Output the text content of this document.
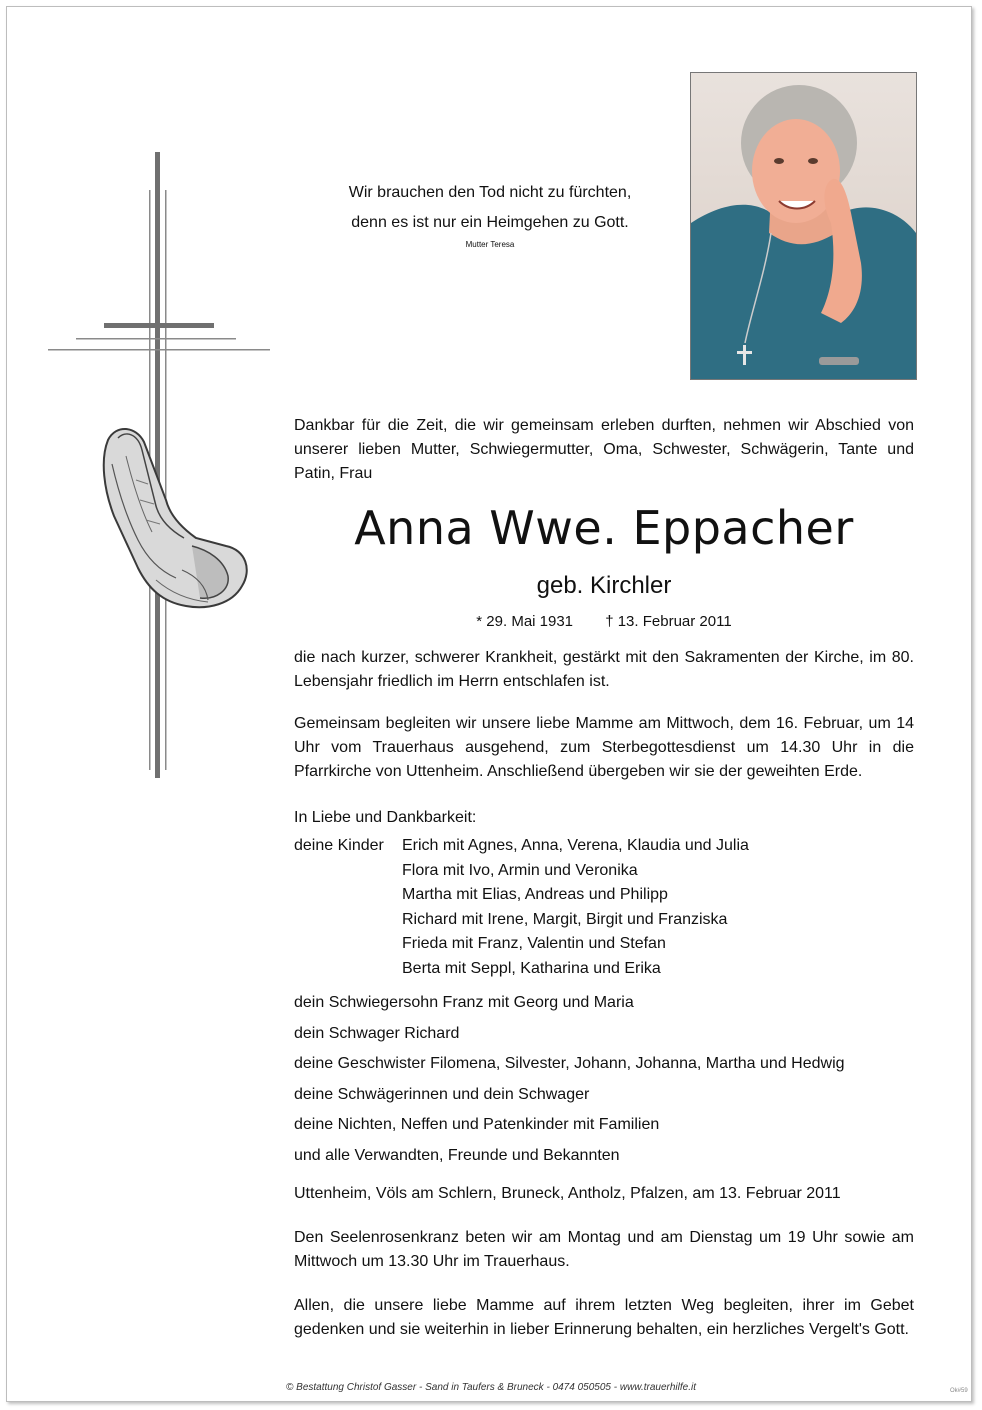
Wir brauchen den Tod nicht zu fürchten,
denn es ist nur ein Heimgehen zu Gott.
Mutter Teresa
Dankbar für die Zeit, die wir gemeinsam erleben durften, nehmen wir Abschied von unserer lieben Mutter, Schwiegermutter, Oma, Schwester, Schwägerin, Tante und Patin, Frau
Anna Wwe. Eppacher
geb. Kirchler
* 29. Mai 1931 † 13. Februar 2011
die nach kurzer, schwerer Krankheit, gestärkt mit den Sakramenten der Kirche, im 80. Lebensjahr friedlich im Herrn entschlafen ist.
Gemeinsam begleiten wir unsere liebe Mamme am Mittwoch, dem 16. Februar, um 14 Uhr vom Trauerhaus ausgehend, zum Sterbegottesdienst um 14.30 Uhr in die Pfarrkirche von Uttenheim. Anschließend übergeben wir sie der geweihten Erde.
In Liebe und Dankbarkeit:
deine Kinder Erich mit Agnes, Anna, Verena, Klaudia und Julia
Flora mit Ivo, Armin und Veronika
Martha mit Elias, Andreas und Philipp
Richard mit Irene, Margit, Birgit und Franziska
Frieda mit Franz, Valentin und Stefan
Berta mit Seppl, Katharina und Erika
dein Schwiegersohn Franz mit Georg und Maria
dein Schwager Richard
deine Geschwister Filomena, Silvester, Johann, Johanna, Martha und Hedwig
deine Schwägerinnen und dein Schwager
deine Nichten, Neffen und Patenkinder mit Familien
und alle Verwandten, Freunde und Bekannten
Uttenheim, Völs am Schlern, Bruneck, Antholz, Pfalzen, am 13. Februar 2011
Den Seelenrosenkranz beten wir am Montag und am Dienstag um 19 Uhr sowie am Mittwoch um 13.30 Uhr im Trauerhaus.
Allen, die unsere liebe Mamme auf ihrem letzten Weg begleiten, ihrer im Gebet gedenken und sie weiterhin in lieber Erinnerung behalten, ein herzliches Vergelt's Gott.
© Bestattung Christof Gasser - Sand in Taufers & Bruneck - 0474 050505 - www.trauerhilfe.it	Ok#59
